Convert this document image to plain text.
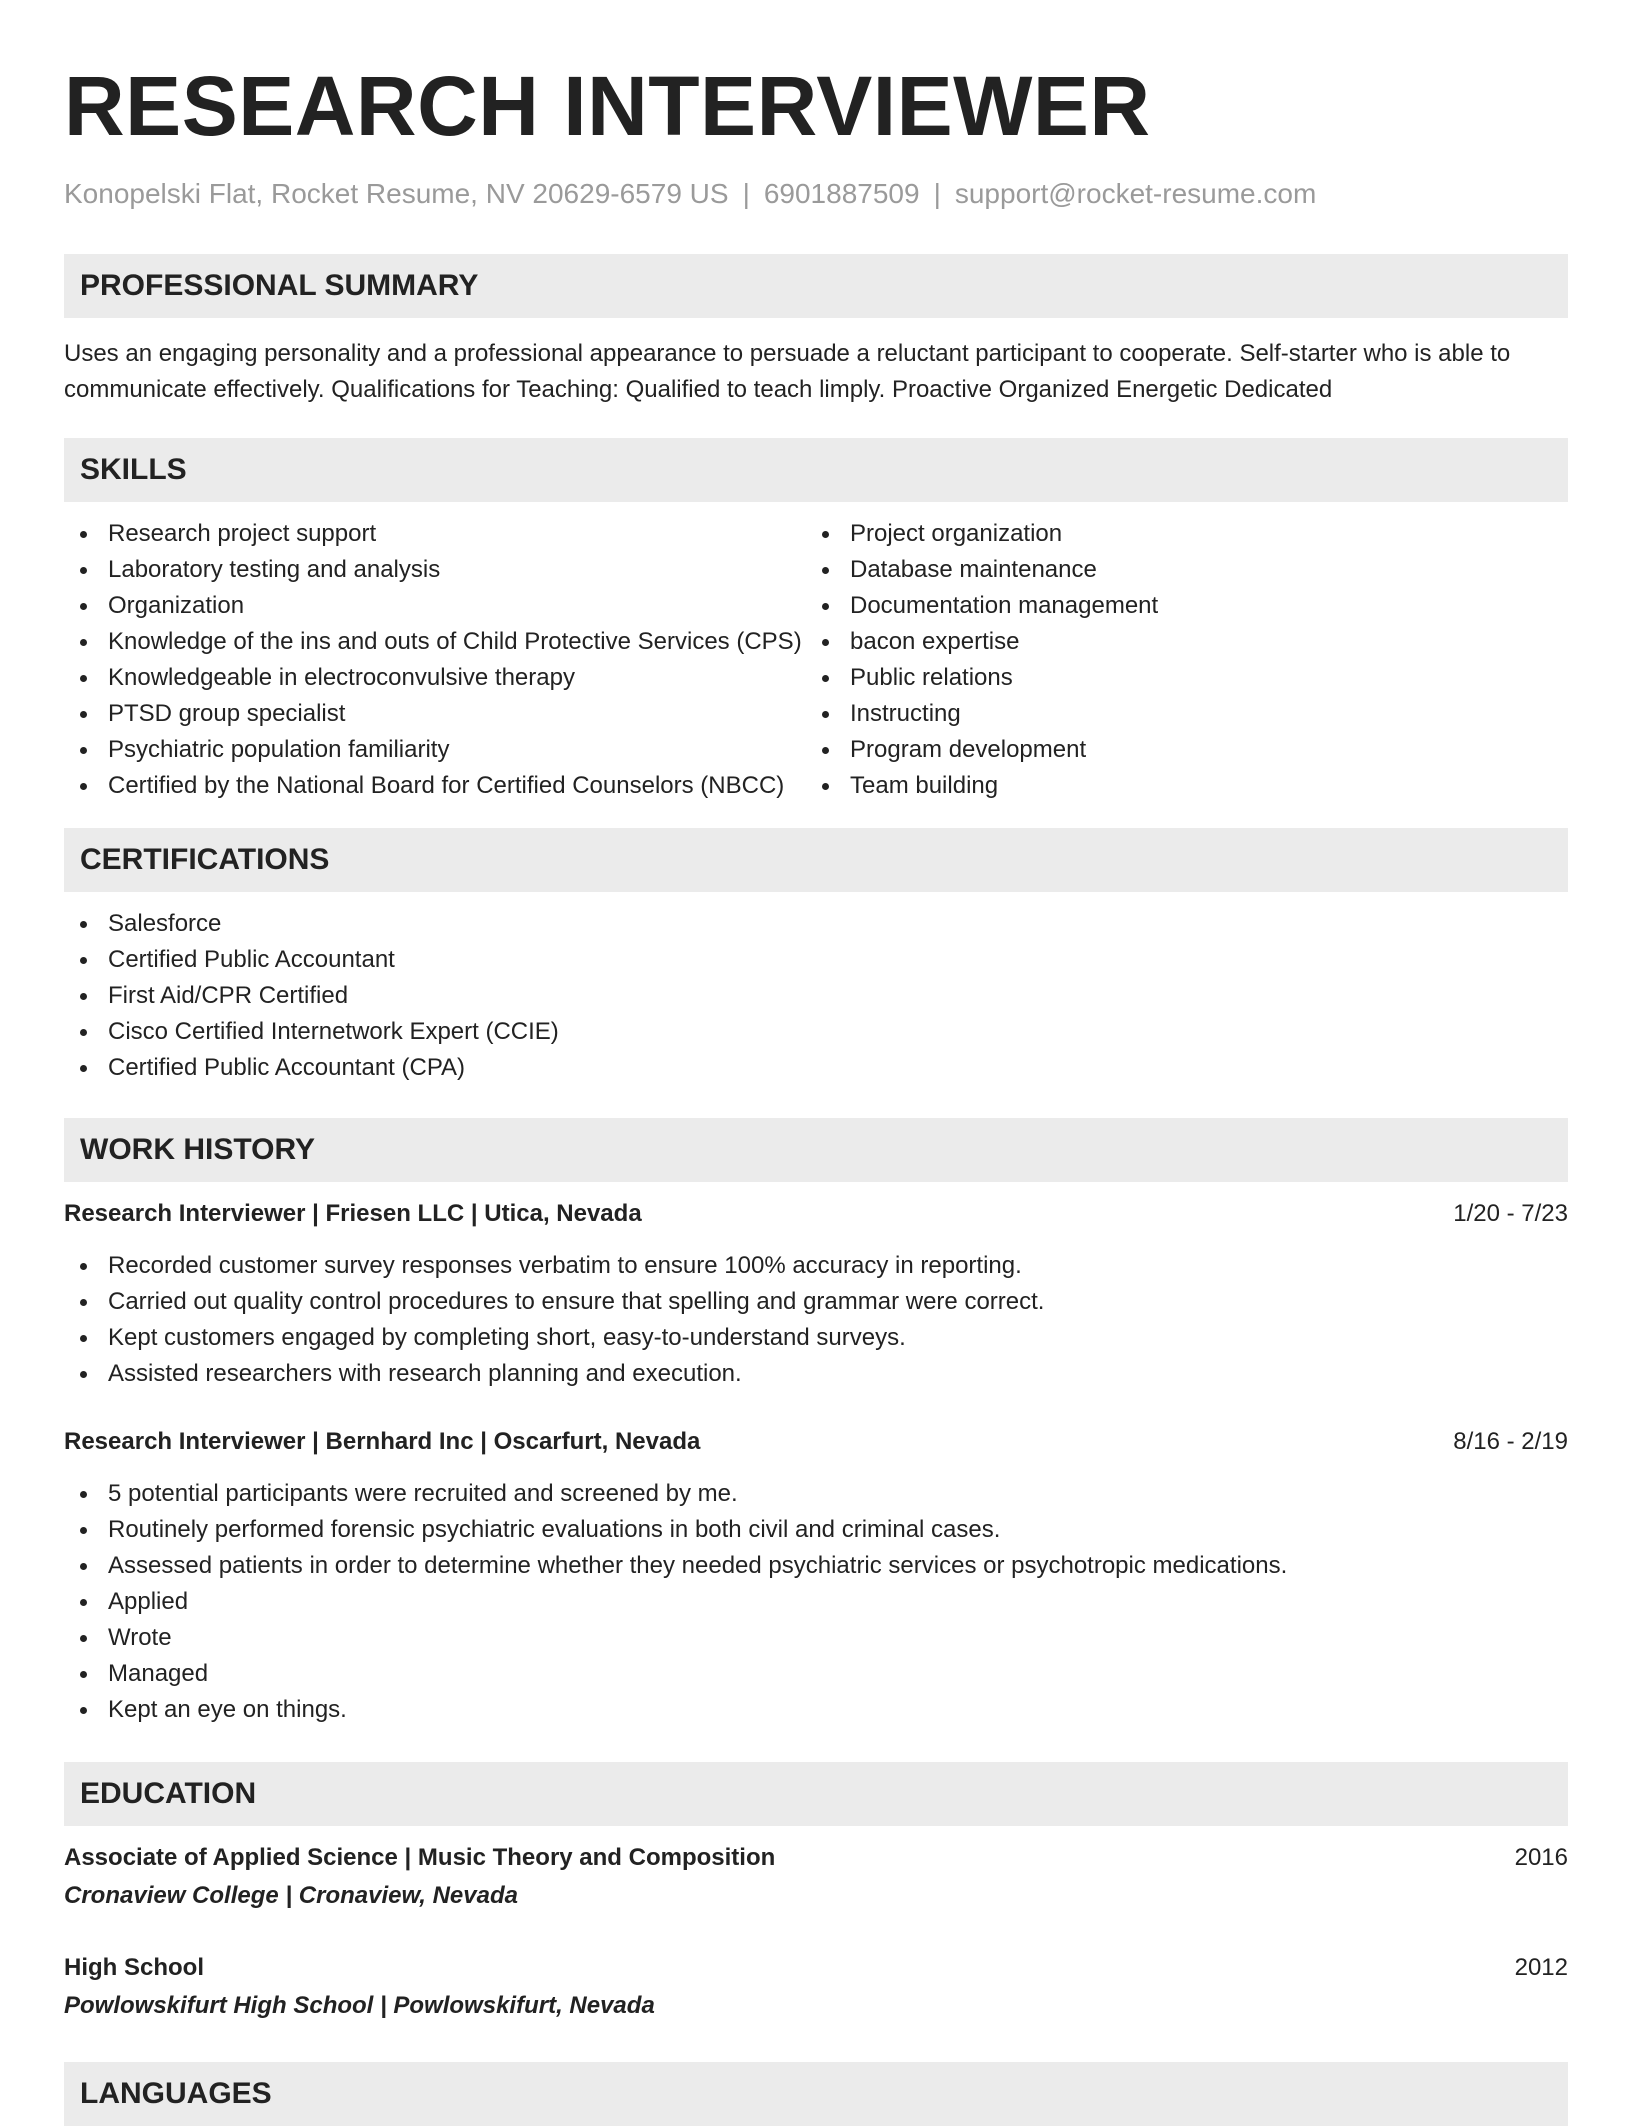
RESEARCH INTERVIEWER
Konopelski Flat, Rocket Resume, NV 20629-6579 US | 6901887509 | support@rocket-resume.com
PROFESSIONAL SUMMARY

Uses an engaging personality and a professional appearance to persuade a reluctant participant to cooperate. Self-starter who is able to communicate effectively. Qualifications for Teaching: Qualified to teach limply. Proactive Organized Energetic Dedicated

SKILLS
Research project support
Laboratory testing and analysis
Organization
Knowledge of the ins and outs of Child Protective Services (CPS)
Knowledgeable in electroconvulsive therapy
PTSD group specialist
Psychiatric population familiarity
Certified by the National Board for Certified Counselors (NBCC)
Project organization
Database maintenance
Documentation management
bacon expertise
Public relations
Instructing
Program development
Team building
CERTIFICATIONS
Salesforce
Certified Public Accountant
First Aid/CPR Certified
Cisco Certified Internetwork Expert (CCIE)
Certified Public Accountant (CPA)
WORK HISTORY
Research Interviewer | Friesen LLC | Utica, Nevada	1/20 - 7/23
Recorded customer survey responses verbatim to ensure 100% accuracy in reporting.
Carried out quality control procedures to ensure that spelling and grammar were correct.
Kept customers engaged by completing short, easy-to-understand surveys.
Assisted researchers with research planning and execution.
Research Interviewer | Bernhard Inc | Oscarfurt, Nevada	8/16 - 2/19
5 potential participants were recruited and screened by me.
Routinely performed forensic psychiatric evaluations in both civil and criminal cases.
Assessed patients in order to determine whether they needed psychiatric services or psychotropic medications.
Applied
Wrote
Managed
Kept an eye on things.
EDUCATION
Associate of Applied Science | Music Theory and Composition	2016
Cronaview College | Cronaview, Nevada
High School	2012
Powlowskifurt High School | Powlowskifurt, Nevada
LANGUAGES
